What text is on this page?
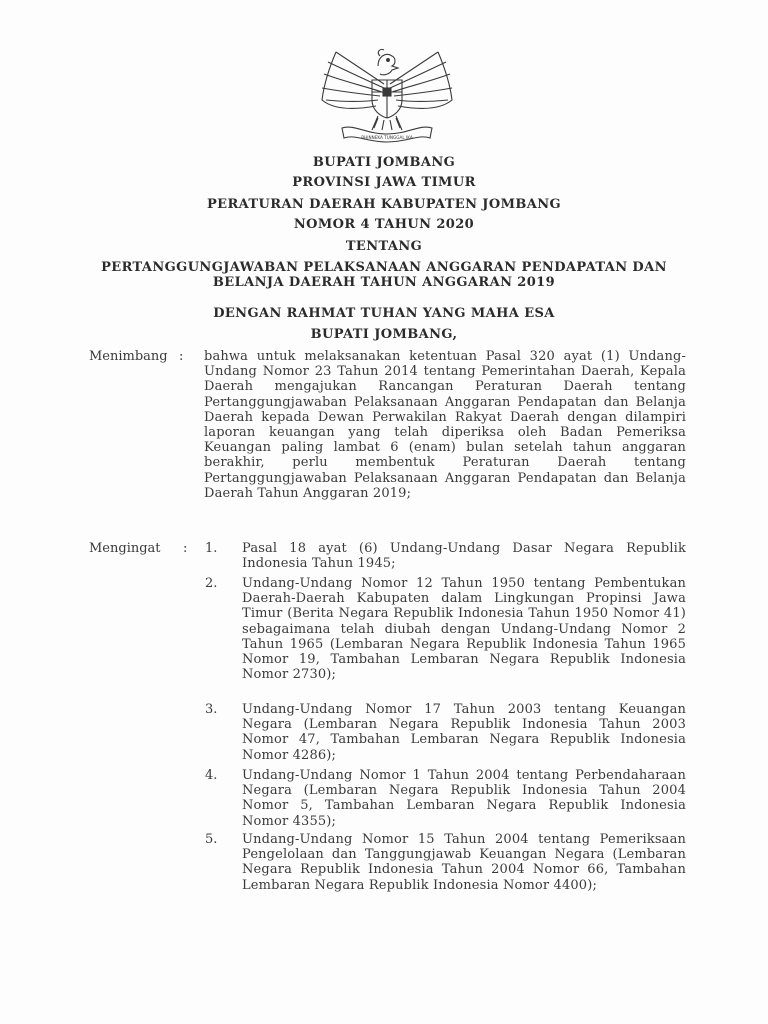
BHINNEKA TUNGGAL IKA
BUPATI JOMBANG
PROVINSI JAWA TIMUR
PERATURAN DAERAH KABUPATEN JOMBANG
NOMOR 4 TAHUN 2020
TENTANG
PERTANGGUNGJAWABAN PELAKSANAAN ANGGARAN PENDAPATAN DAN
BELANJA DAERAH TAHUN ANGGARAN 2019
DENGAN RAHMAT TUHAN YANG MAHA ESA
BUPATI JOMBANG,
Menimbang : bahwa untuk melaksanakan ketentuan Pasal 320 ayat (1) Undang-Undang Nomor 23 Tahun 2014 tentang Pemerintahan Daerah, Kepala Daerah mengajukan Rancangan Peraturan Daerah tentang Pertanggungjawaban Pelaksanaan Anggaran Pendapatan dan Belanja Daerah kepada Dewan Perwakilan Rakyat Daerah dengan dilampiri laporan keuangan yang telah diperiksa oleh Badan Pemeriksa Keuangan paling lambat 6 (enam) bulan setelah tahun anggaran berakhir, perlu membentuk Peraturan Daerah tentang Pertanggungjawaban Pelaksanaan Anggaran Pendapatan dan Belanja Daerah Tahun Anggaran 2019;
Mengingat : 1. Pasal 18 ayat (6) Undang-Undang Dasar Negara Republik Indonesia Tahun 1945;
2. Undang-Undang Nomor 12 Tahun 1950 tentang Pembentukan Daerah-Daerah Kabupaten dalam Lingkungan Propinsi Jawa Timur (Berita Negara Republik Indonesia Tahun 1950 Nomor 41) sebagaimana telah diubah dengan Undang-Undang Nomor 2 Tahun 1965 (Lembaran Negara Republik Indonesia Tahun 1965 Nomor 19, Tambahan Lembaran Negara Republik Indonesia Nomor 2730);
3. Undang-Undang Nomor 17 Tahun 2003 tentang Keuangan Negara (Lembaran Negara Republik Indonesia Tahun 2003 Nomor 47, Tambahan Lembaran Negara Republik Indonesia Nomor 4286);
4. Undang-Undang Nomor 1 Tahun 2004 tentang Perbendaharaan Negara (Lembaran Negara Republik Indonesia Tahun 2004 Nomor 5, Tambahan Lembaran Negara Republik Indonesia Nomor 4355);
5. Undang-Undang Nomor 15 Tahun 2004 tentang Pemeriksaan Pengelolaan dan Tanggungjawab Keuangan Negara (Lembaran Negara Republik Indonesia Tahun 2004 Nomor 66, Tambahan Lembaran Negara Republik Indonesia Nomor 4400);
